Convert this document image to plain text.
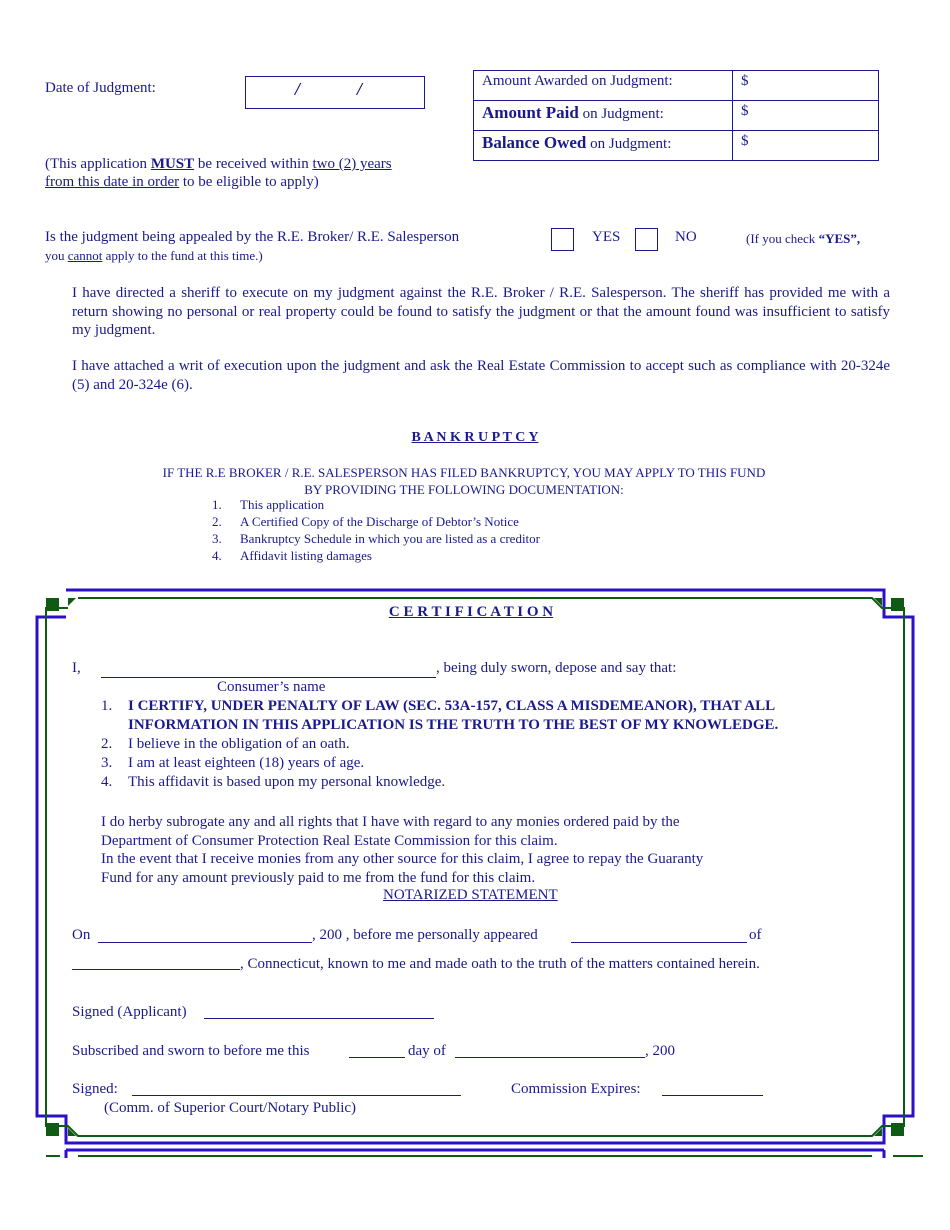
Date of Judgment:	/	/	Amount Awarded on Judgment:	$
Amount Paid on Judgment:	$
Balance Owed on Judgment:	$
(This application MUST be received within two (2) years
from this date in order to be eligible to apply)
Is the judgment being appealed by the R.E. Broker/ R.E. Salesperson	YES	NO	(If you check “YES”,
you cannot apply to the fund at this time.)
I have directed a sheriff to execute on my judgment against the R.E. Broker / R.E. Salesperson. The sheriff has provided me with a return showing no personal or real property could be found to satisfy the judgment or that the amount found was insufficient to satisfy my judgment.
I have attached a writ of execution upon the judgment and ask the Real Estate Commission to accept such as compliance with 20-324e (5) and 20-324e (6).
B A N K R U P T C Y
IF THE R.E BROKER / R.E. SALESPERSON HAS FILED BANKRUPTCY, YOU MAY APPLY TO THIS FUND
BY PROVIDING THE FOLLOWING DOCUMENTATION:
1. This application
2. A Certified Copy of the Discharge of Debtor’s Notice
3. Bankruptcy Schedule in which you are listed as a creditor
4. Affidavit listing damages
C E R T I F I C A T I O N
I,	, being duly sworn, depose and say that:
Consumer’s name
1. I CERTIFY, UNDER PENALTY OF LAW (SEC. 53A-157, CLASS A MISDEMEANOR), THAT ALL
INFORMATION IN THIS APPLICATION IS THE TRUTH TO THE BEST OF MY KNOWLEDGE.
2. I believe in the obligation of an oath.
3. I am at least eighteen (18) years of age.
4. This affidavit is based upon my personal knowledge.
I do herby subrogate any and all rights that I have with regard to any monies ordered paid by the
Department of Consumer Protection Real Estate Commission for this claim.
In the event that I receive monies from any other source for this claim, I agree to repay the Guaranty
Fund for any amount previously paid to me from the fund for this claim.
NOTARIZED STATEMENT
On	, 200 , before me personally appeared	of
, Connecticut, known to me and made oath to the truth of the matters contained herein.
Signed (Applicant)
Subscribed and sworn to before me this	day of	, 200
Signed:	Commission Expires:
(Comm. of Superior Court/Notary Public)
